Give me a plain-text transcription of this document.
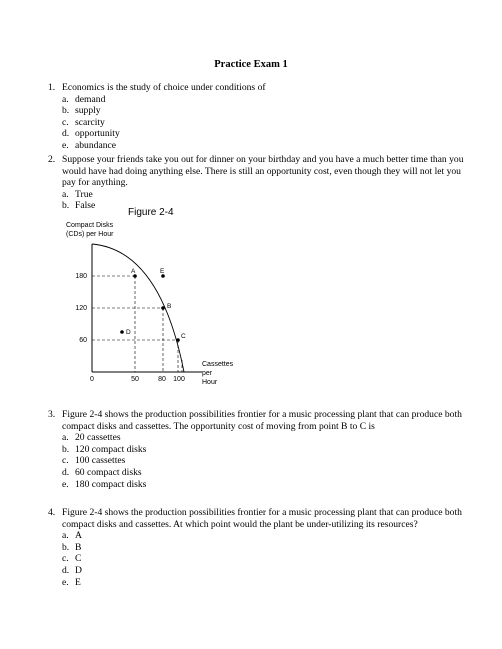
Practice Exam 1
1. Economics is the study of choice under conditions of
a. demand
b. supply
c. scarcity
d. opportunity
e. abundance
2. Suppose your friends take you out for dinner on your birthday and you have a much better time than you would have had doing anything else. There is still an opportunity cost, even though they will not let you pay for anything.
a. True
b. False
Figure 2-4
Compact Disks
(CDs) per Hour
A	E
B
D
C
180
120
60
0	50	80 100
Cassettes
per
Hour
3. Figure 2-4 shows the production possibilities frontier for a music processing plant that can produce both compact disks and cassettes. The opportunity cost of moving from point B to C is
a. 20 cassettes
b. 120 compact disks
c. 100 cassettes
d. 60 compact disks
e. 180 compact disks
4. Figure 2-4 shows the production possibilities frontier for a music processing plant that can produce both compact disks and cassettes. At which point would the plant be under-utilizing its resources?
a. A
b. B
c. C
d. D
e. E
